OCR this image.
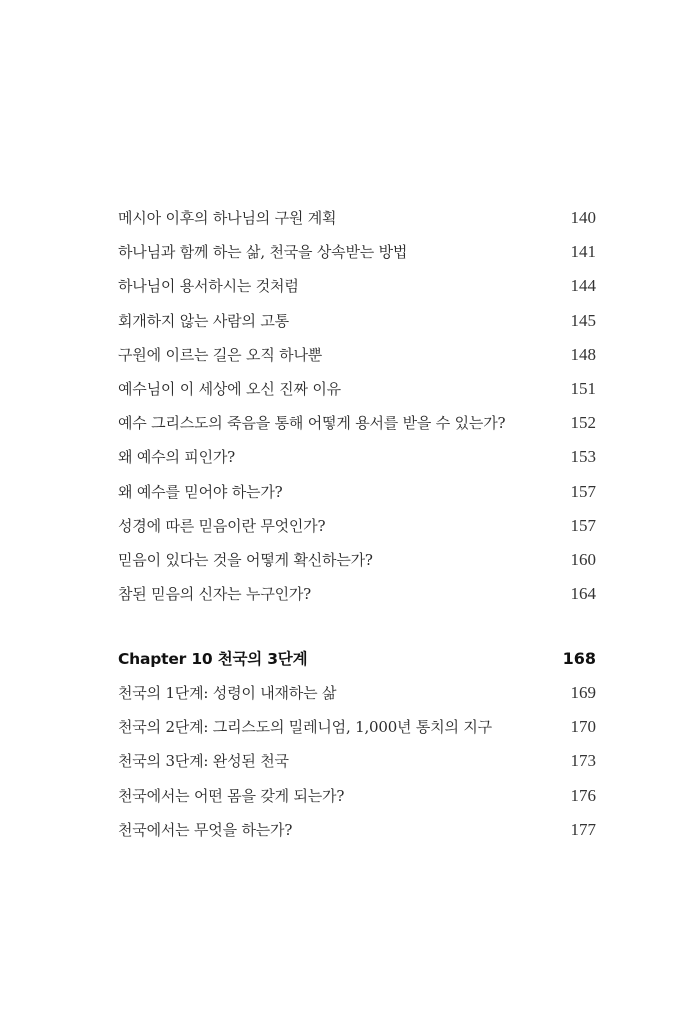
메시아 이후의 하나님의 구원 계획	140
하나님과 함께 하는 삶, 천국을 상속받는 방법	141
하나님이 용서하시는 것처럼	144
회개하지 않는 사람의 고통	145
구원에 이르는 길은 오직 하나뿐	148
예수님이 이 세상에 오신 진짜 이유	151
예수 그리스도의 죽음을 통해 어떻게 용서를 받을 수 있는가?	152
왜 예수의 피인가?	153
왜 예수를 믿어야 하는가?	157
성경에 따른 믿음이란 무엇인가?	157
믿음이 있다는 것을 어떻게 확신하는가?	160
참된 믿음의 신자는 누구인가?	164
Chapter 10 천국의 3단계	168
천국의 1단계: 성령이 내재하는 삶	169
천국의 2단계: 그리스도의 밀레니엄, 1,000년 통치의 지구	170
천국의 3단계: 완성된 천국	173
천국에서는 어떤 몸을 갖게 되는가?	176
천국에서는 무엇을 하는가?	177
